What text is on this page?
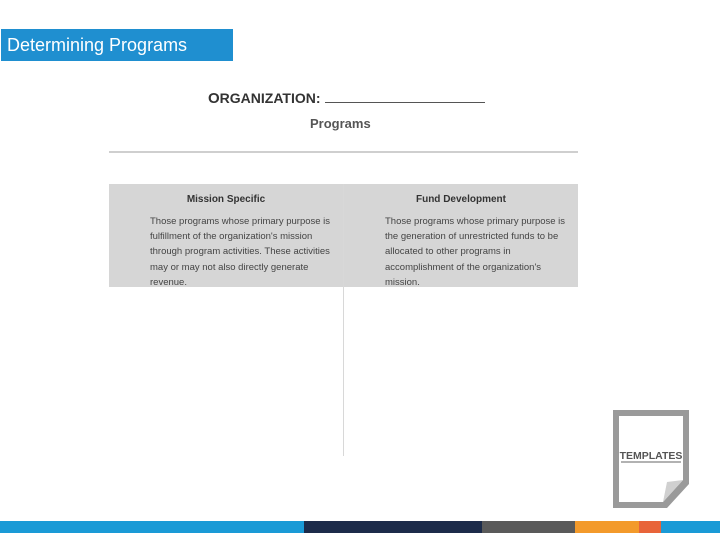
Determining Programs
ORGANIZATION:
Programs
Mission Specific

Those programs whose primary purpose is fulfillment of the organization's mission through program activities. These activities may or may not also directly generate revenue.

Fund Development

Those programs whose primary purpose is the generation of unrestricted funds to be allocated to other programs in accomplishment of the organization's mission.

TEMPLATES
